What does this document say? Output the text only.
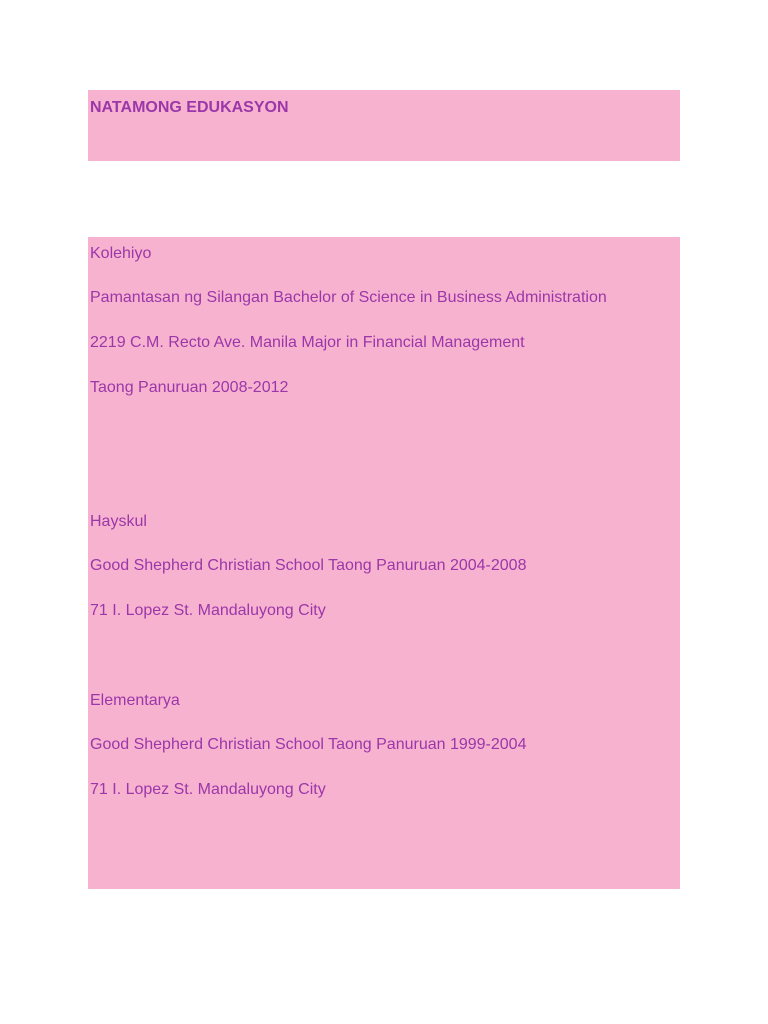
NATAMONG EDUKASYON

Kolehiyo

Pamantasan ng Silangan Bachelor of Science in Business Administration

2219 C.M. Recto Ave. Manila Major in Financial Management

Taong Panuruan 2008-2012

Hayskul

Good Shepherd Christian School Taong Panuruan 2004-2008

71 I. Lopez St. Mandaluyong City

Elementarya

Good Shepherd Christian School Taong Panuruan 1999-2004

71 I. Lopez St. Mandaluyong City
